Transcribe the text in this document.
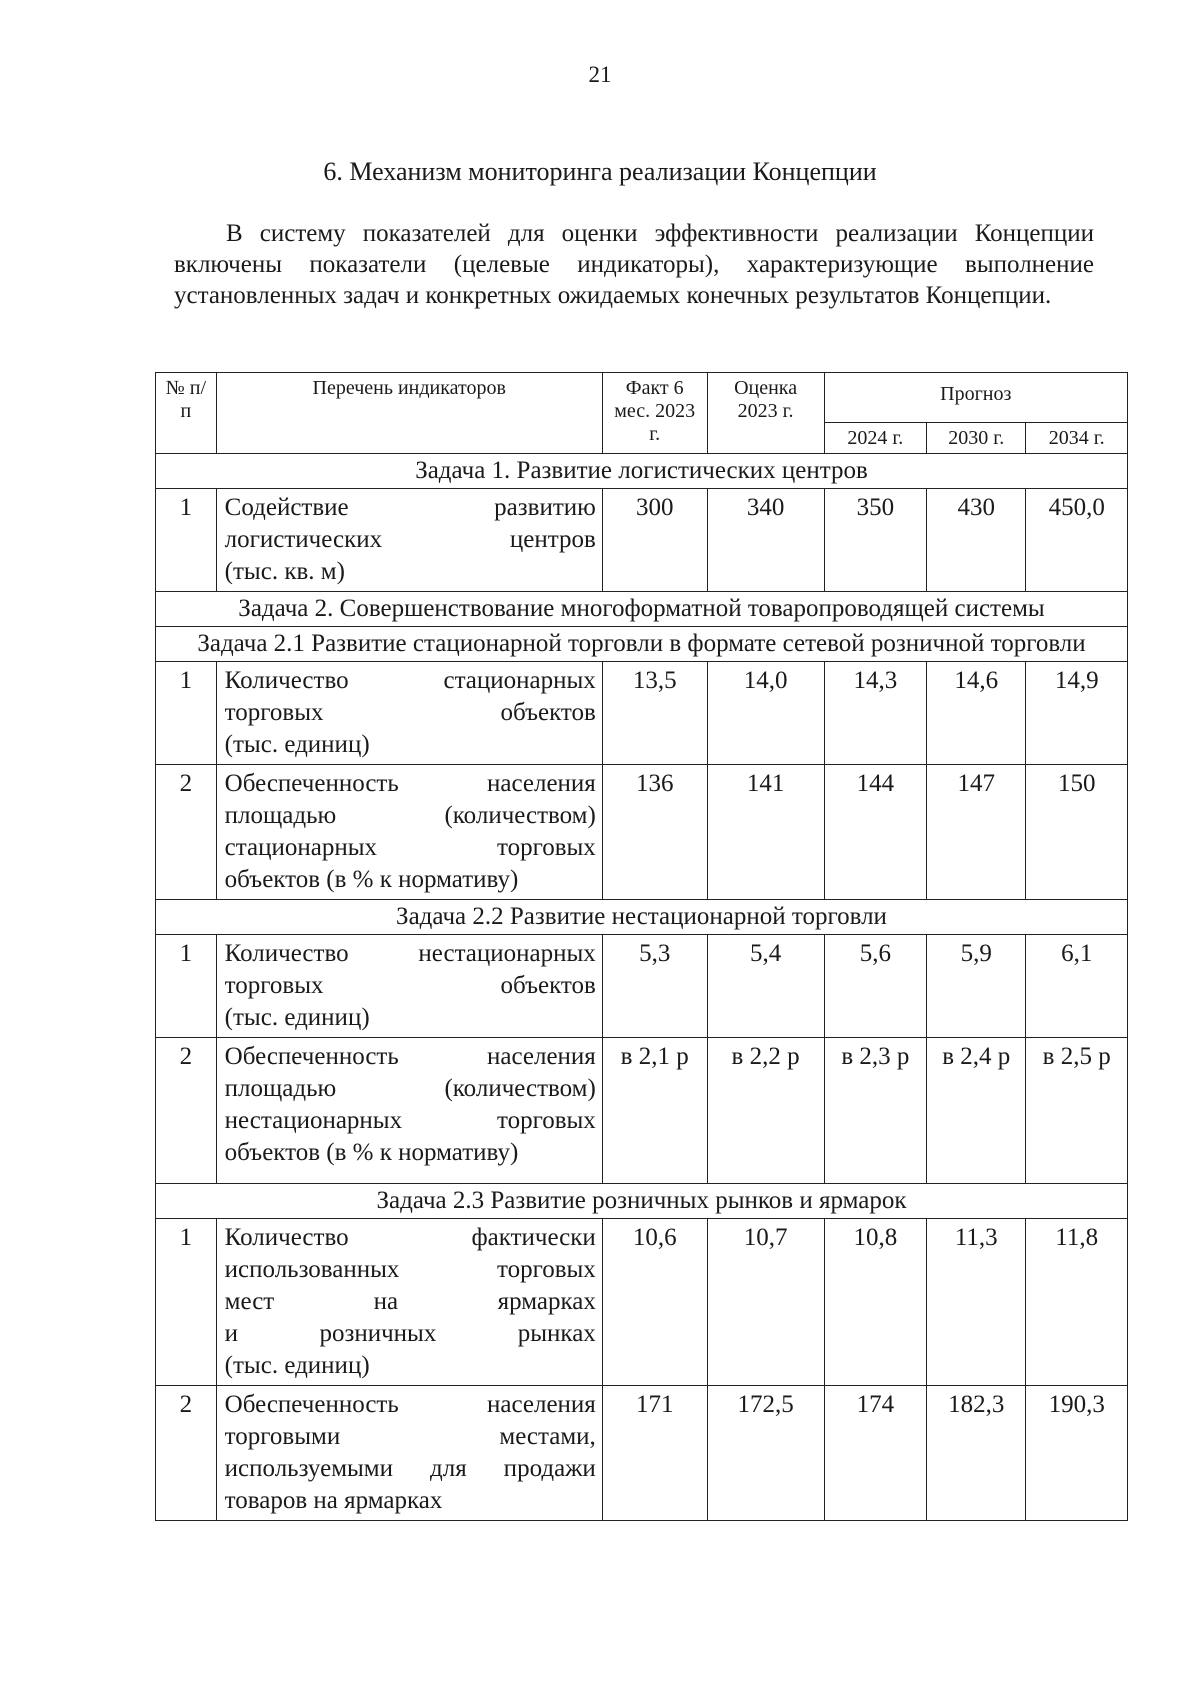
21
6. Механизм мониторинга реализации Концепции
В систему показателей для оценки эффективности реализации Концепции включены показатели (целевые индикаторы), характеризующие выполнение установленных задач и конкретных ожидаемых конечных результатов Концепции.
№ п/п	Перечень индикаторов	Факт 6 мес. 2023 г.	Оценка 2023 г.	Прогноз		
				2024 г.	2030 г.	2034 г.
Задача 1. Развитие логистических центров						
1	Содействие развитию
логистических центров
(тыс. кв. м)	300	340	350	430	450,0
Задача 2. Совершенствование многоформатной товаропроводящей системы						
Задача 2.1 Развитие стационарной торговли в формате сетевой розничной торговли						
1	Количество стационарных
торговых объектов
(тыс. единиц)	13,5	14,0	14,3	14,6	14,9
2	Обеспеченность населения
площадью (количеством)
стационарных торговых
объектов (в % к нормативу)	136	141	144	147	150
Задача 2.2 Развитие нестационарной торговли						
1	Количество нестационарных
торговых объектов
(тыс. единиц)	5,3	5,4	5,6	5,9	6,1
2	Обеспеченность населения
площадью (количеством)
нестационарных торговых
объектов (в % к нормативу)	в 2,1 р	в 2,2 р	в 2,3 р	в 2,4 р	в 2,5 р
Задача 2.3 Развитие розничных рынков и ярмарок						
1	Количество фактически
использованных торговых
мест на ярмарках
и розничных рынках
(тыс. единиц)	10,6	10,7	10,8	11,3	11,8
2	Обеспеченность населения
торговыми местами,
используемыми для продажи
товаров на ярмарках	171	172,5	174	182,3	190,3
